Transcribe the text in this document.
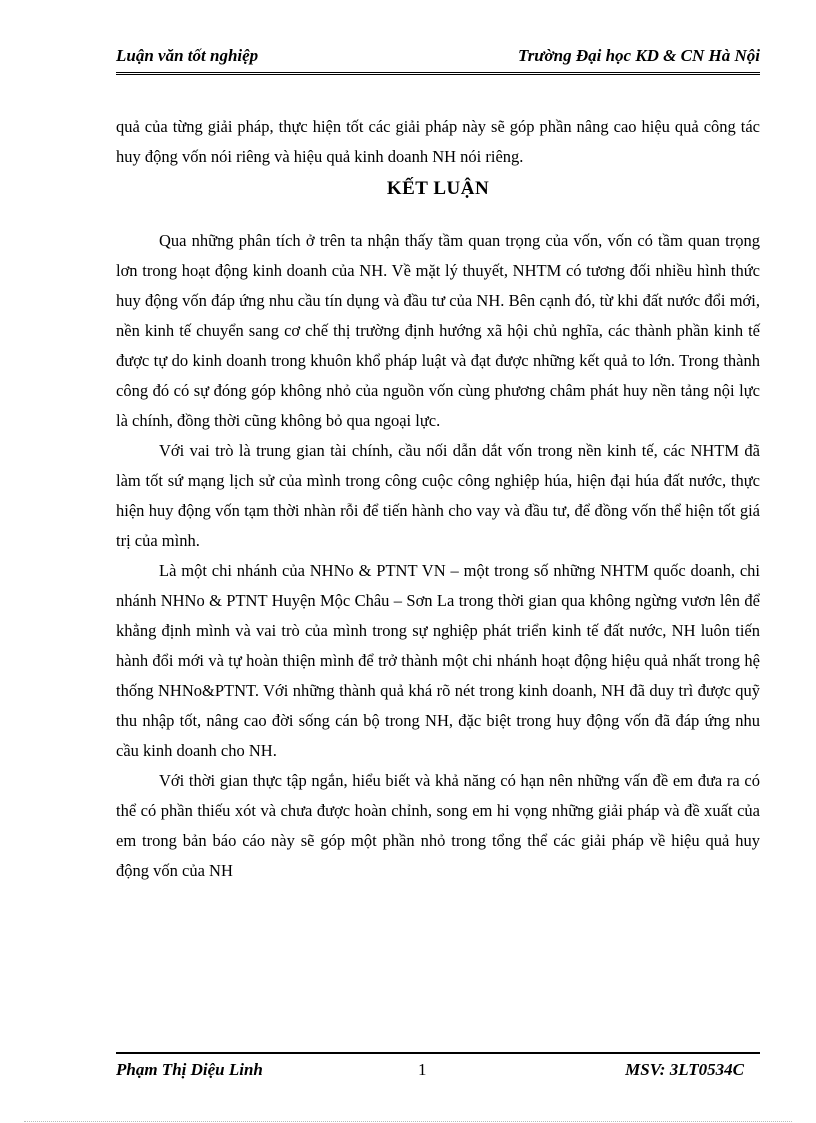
Luận văn tốt nghiệp	Trường Đại học KD & CN Hà Nội

quả của từng giải pháp, thực hiện tốt các giải pháp này sẽ góp phần nâng cao hiệu quả công tác huy động vốn nói riêng và hiệu quả kinh doanh NH nói riêng.

KẾT LUẬN

Qua những phân tích ở trên ta nhận thấy tầm quan trọng của vốn, vốn có tầm quan trọng lơn trong hoạt động kinh doanh của NH. Về mặt lý thuyết, NHTM có tương đối nhiều hình thức huy động vốn đáp ứng nhu cầu tín dụng và đầu tư của NH. Bên cạnh đó, từ khi đất nước đổi mới, nền kinh tế chuyển sang cơ chế thị trường định hướng xã hội chủ nghĩa, các thành phần kinh tế được tự do kinh doanh trong khuôn khổ pháp luật và đạt được những kết quả to lớn. Trong thành công đó có sự đóng góp không nhỏ của nguồn vốn cùng phương châm phát huy nền tảng nội lực là chính, đồng thời cũng không bỏ qua ngoại lực.

Với vai trò là trung gian tài chính, cầu nối dẫn dắt vốn trong nền kinh tế, các NHTM đã làm tốt sứ mạng lịch sử của mình trong công cuộc công nghiệp húa, hiện đại húa đất nước, thực hiện huy động vốn tạm thời nhàn rỗi để tiến hành cho vay và đầu tư, để đồng vốn thể hiện tốt giá trị của mình.

Là một chi nhánh của NHNo & PTNT VN – một trong số những NHTM quốc doanh, chi nhánh NHNo & PTNT Huyện Mộc Châu – Sơn La trong thời gian qua không ngừng vươn lên để khẳng định mình và vai trò của mình trong sự nghiệp phát triển kinh tế đất nước, NH luôn tiến hành đổi mới và tự hoàn thiện mình để trở thành một chi nhánh hoạt động hiệu quả nhất trong hệ thống NHNo&PTNT. Với những thành quả khá rõ nét trong kinh doanh, NH đã duy trì được quỹ thu nhập tốt, nâng cao đời sống cán bộ trong NH, đặc biệt trong huy động vốn đã đáp ứng nhu cầu kinh doanh cho NH.

Với thời gian thực tập ngắn, hiểu biết và khả năng có hạn nên những vấn đề em đưa ra có thể có phần thiếu xót và chưa được hoàn chỉnh, song em hi vọng những giải pháp và đề xuất của em trong bản báo cáo này sẽ góp một phần nhỏ trong tổng thể các giải pháp về hiệu quả huy động vốn của NH

Phạm Thị Diệu Linh	1	MSV: 3LT0534C
